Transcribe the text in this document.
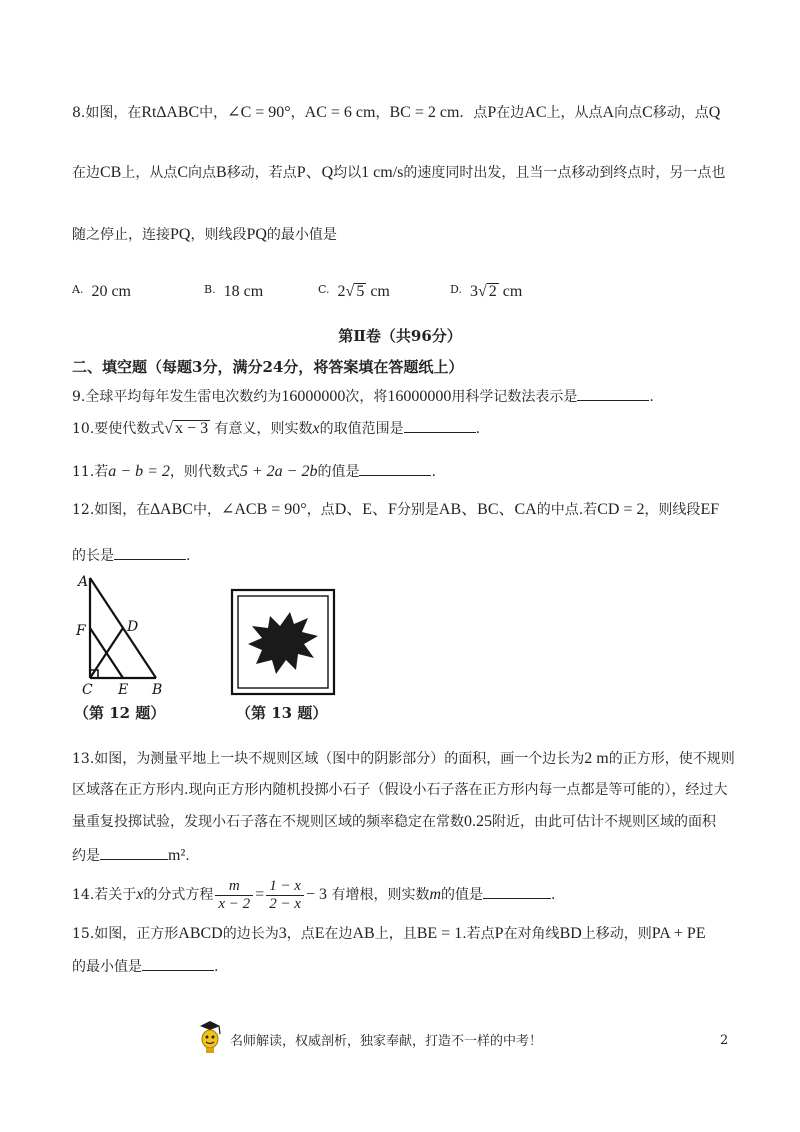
8.如图，在Rt∆ABC中，∠C = 90°，AC = 6 cm，BC = 2 cm．点P在边AC上，从点A向点C移动，点Q
在边CB上，从点C向点B移动，若点P、Q均以1 cm/s的速度同时出发，且当一点移动到终点时，另一点也
随之停止，连接PQ，则线段PQ的最小值是
$^{A.}$ 20 cm	$^{B.}$ 18 cm	$^{C.}$ 2√ 5 cm	$^{D.}$ 3√ 2 cm
第Ⅱ卷（共96分）
二、填空题（每题3分，满分24分，将答案填在答题纸上）
9.全球平均每年发生雷电次数约为16000000次，将16000000用科学记数法表示是	.
10.要使代数式√ x − 3 有意义，则实数x的取值范围是	.
11.若a − b = 2，则代数式5 + 2a − 2b的值是	.
12.如图，在∆ABC中，∠ACB = 90°，点D、E、F分别是AB、BC、CA的中点.若CD = 2，则线段EF
的长是	.
A
F	D
C E B
（第 12 题）	（第 13 题）
13.如图，为测量平地上一块不规则区域（图中的阴影部分）的面积，画一个边长为2 m的正方形，使不规则
区域落在正方形内.现向正方形内随机投掷小石子（假设小石子落在正方形内每一点都是等可能的），经过大
量重复投掷试验，发现小石子落在不规则区域的频率稳定在常数0.25附近，由此可估计不规则区域的面积
约是	m².
14.若关于x的分式方程 $\frac{m}{x - 2} = \frac{1 - x}{2 - x} - 3$ 有增根，则实数m的值是	.
15.如图，正方形ABCD的边长为3，点E在边AB上，且BE = 1.若点P在对角线BD上移动，则PA + PE
的最小值是	.
名师解读，权威剖析，独家奉献，打造不一样的中考！	2
